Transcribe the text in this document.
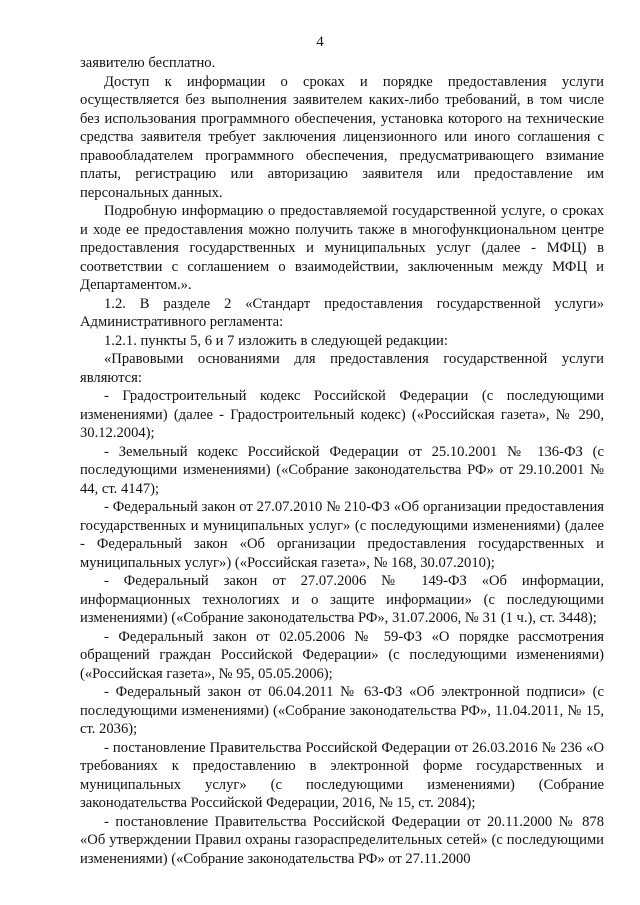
4

заявителю бесплатно.

Доступ к информации о сроках и порядке предоставления услуги осуществляется без выполнения заявителем каких-либо требований, в том числе без использования программного обеспечения, установка которого на технические средства заявителя требует заключения лицензионного или иного соглашения с правообладателем программного обеспечения, предусматривающего взимание платы, регистрацию или авторизацию заявителя или предоставление им персональных данных.

Подробную информацию о предоставляемой государственной услуге, о сроках и ходе ее предоставления можно получить также в многофункциональном центре предоставления государственных и муниципальных услуг (далее - МФЦ) в соответствии с соглашением о взаимодействии, заключенным между МФЦ и Департаментом.».

1.2. В разделе 2 «Стандарт предоставления государственной услуги» Административного регламента:

1.2.1. пункты 5, 6 и 7 изложить в следующей редакции:

«Правовыми основаниями для предоставления государственной услуги являются:

- Градостроительный кодекс Российской Федерации (с последующими изменениями) (далее - Градостроительный кодекс) («Российская газета», № 290, 30.12.2004);

- Земельный кодекс Российской Федерации от 25.10.2001 № 136-ФЗ (с последующими изменениями) («Собрание законодательства РФ» от 29.10.2001 № 44, ст. 4147);

- Федеральный закон от 27.07.2010 № 210-ФЗ «Об организации предоставления государственных и муниципальных услуг» (с последующими изменениями) (далее - Федеральный закон «Об организации предоставления государственных и муниципальных услуг») («Российская газета», № 168, 30.07.2010);

- Федеральный закон от 27.07.2006 № 149-ФЗ «Об информации, информационных технологиях и о защите информации» (с последующими изменениями) («Собрание законодательства РФ», 31.07.2006, № 31 (1 ч.), ст. 3448);

- Федеральный закон от 02.05.2006 № 59-ФЗ «О порядке рассмотрения обращений граждан Российской Федерации» (с последующими изменениями) («Российская газета», № 95, 05.05.2006);

- Федеральный закон от 06.04.2011 № 63-ФЗ «Об электронной подписи» (с последующими изменениями) («Собрание законодательства РФ», 11.04.2011, № 15, ст. 2036);

- постановление Правительства Российской Федерации от 26.03.2016 № 236 «О требованиях к предоставлению в электронной форме государственных и муниципальных услуг» (с последующими изменениями) (Собрание законодательства Российской Федерации, 2016, № 15, ст. 2084);

- постановление Правительства Российской Федерации от 20.11.2000 № 878 «Об утверждении Правил охраны газораспределительных сетей» (с последующими изменениями) («Собрание законодательства РФ» от 27.11.2000
